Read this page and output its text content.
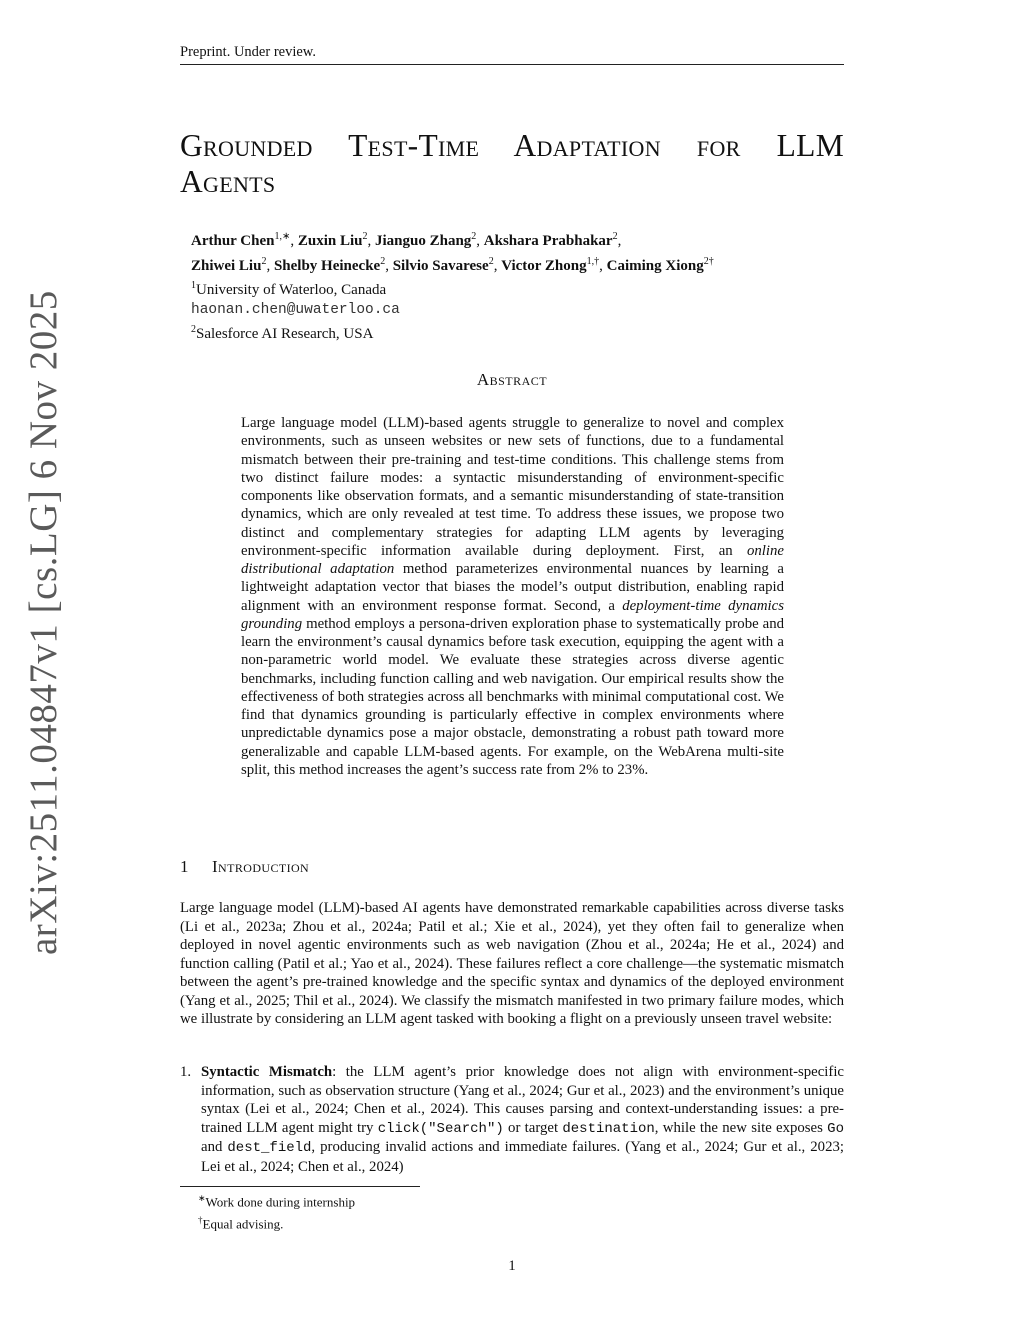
Preprint. Under review.
arXiv:2511.04847v1 [cs.LG] 6 Nov 2025
Grounded Test-Time Adaptation for LLM
Agents
Arthur Chen$^{1,∗}$, Zuxin Liu$^2$, Jianguo Zhang$^2$, Akshara Prabhakar$^2$,
Zhiwei Liu$^2$, Shelby Heinecke$^2$, Silvio Savarese$^2$, Victor Zhong$^{1,\dagger}$, Caiming Xiong$^{2\dagger}$
$^1$University of Waterloo, Canada
haonan.chen@uwaterloo.ca
$^2$Salesforce AI Research, USA
Abstract
Large language model (LLM)-based agents struggle to generalize to novel and complex environments, such as unseen websites or new sets of functions, due to a fundamental mismatch between their pre-training and test-time conditions. This challenge stems from two distinct failure modes: a syntactic misunderstanding of environment-specific components like observation formats, and a semantic misunderstanding of state-transition dynamics, which are only revealed at test time. To address these issues, we propose two distinct and complementary strategies for adapting LLM agents by leveraging environment-specific information available during deployment. First, an online distributional adaptation method parameterizes environmental nuances by learning a lightweight adaptation vector that biases the model’s output distribution, enabling rapid alignment with an environment response format. Second, a deployment-time dynamics grounding method employs a persona-driven exploration phase to systematically probe and learn the environment’s causal dynamics before task execution, equipping the agent with a non-parametric world model. We evaluate these strategies across diverse agentic benchmarks, including function calling and web navigation. Our empirical results show the effectiveness of both strategies across all benchmarks with minimal computational cost. We find that dynamics grounding is particularly effective in complex environments where unpredictable dynamics pose a major obstacle, demonstrating a robust path toward more generalizable and capable LLM-based agents. For example, on the WebArena multi-site split, this method increases the agent’s success rate from 2% to 23%.
1 Introduction
Large language model (LLM)-based AI agents have demonstrated remarkable capabilities across diverse tasks (Li et al., 2023a; Zhou et al., 2024a; Patil et al.; Xie et al., 2024), yet they often fail to generalize when deployed in novel agentic environments such as web navigation (Zhou et al., 2024a; He et al., 2024) and function calling (Patil et al.; Yao et al., 2024). These failures reflect a core challenge—the systematic mismatch between the agent’s pre-trained knowledge and the specific syntax and dynamics of the deployed environment (Yang et al., 2025; Thil et al., 2024). We classify the mismatch manifested in two primary failure modes, which we illustrate by considering an LLM agent tasked with booking a flight on a previously unseen travel website:
1. Syntactic Mismatch: the LLM agent’s prior knowledge does not align with environment-specific information, such as observation structure (Yang et al., 2024; Gur et al., 2023) and the environment’s unique syntax (Lei et al., 2024; Chen et al., 2024). This causes parsing and context-understanding issues: a pre-trained LLM agent might try click("Search") or target destination, while the new site exposes Go and dest_field, producing invalid actions and immediate failures. (Yang et al., 2024; Gur et al., 2023; Lei et al., 2024; Chen et al., 2024)
∗Work done during internship
†Equal advising.
1
